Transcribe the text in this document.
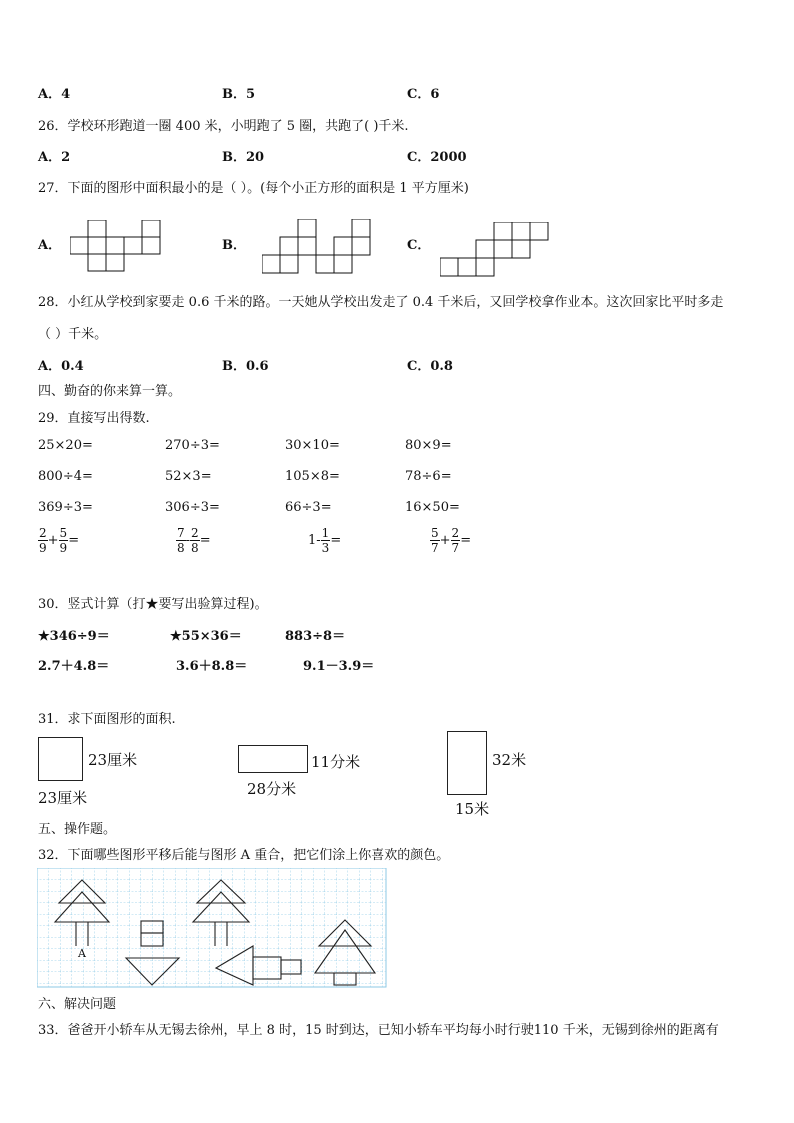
A．4	B．5	C．6
26．学校环形跑道一圈 400 米，小明跑了 5 圈，共跑了( )千米.
A．2	B．20	C．2000
27．下面的图形中面积最小的是（ ）。(每个小正方形的面积是 1 平方厘米)
A．	B．	C．
28．小红从学校到家要走 0.6 千米的路。一天她从学校出发走了 0.4 千米后，又回学校拿作业本。这次回家比平时多走
（ ）千米。
A．0.4	B．0.6	C．0.8
四、勤奋的你来算一算。
29．直接写出得数.
25×20=	270÷3=	30×10=	80×9=
800÷4=	52×3=	105×8=	78÷6=
369÷3=	306÷3=	66÷3=	16×50=
$\frac{2}{9} + \frac{5}{9}$ =	$\frac{7}{8} - \frac{2}{8}$ =	$1- \frac{1}{3}$ =	$\frac{5}{7} + \frac{2}{7}$ =
30．竖式计算（打★要写出验算过程)。
★346÷9＝	★55×36＝	883÷8＝
2.7＋4.8＝	3.6＋8.8＝	9.1－3.9＝
31．求下面图形的面积.
23厘米
23厘米
11分米
28分米
32米
15米
五、操作题。
32．下面哪些图形平移后能与图形 A 重合，把它们涂上你喜欢的颜色。
A
六、解决问题
33．爸爸开小轿车从无锡去徐州，早上 8 时，15 时到达，已知小轿车平均每小时行驶110 千米，无锡到徐州的距离有
